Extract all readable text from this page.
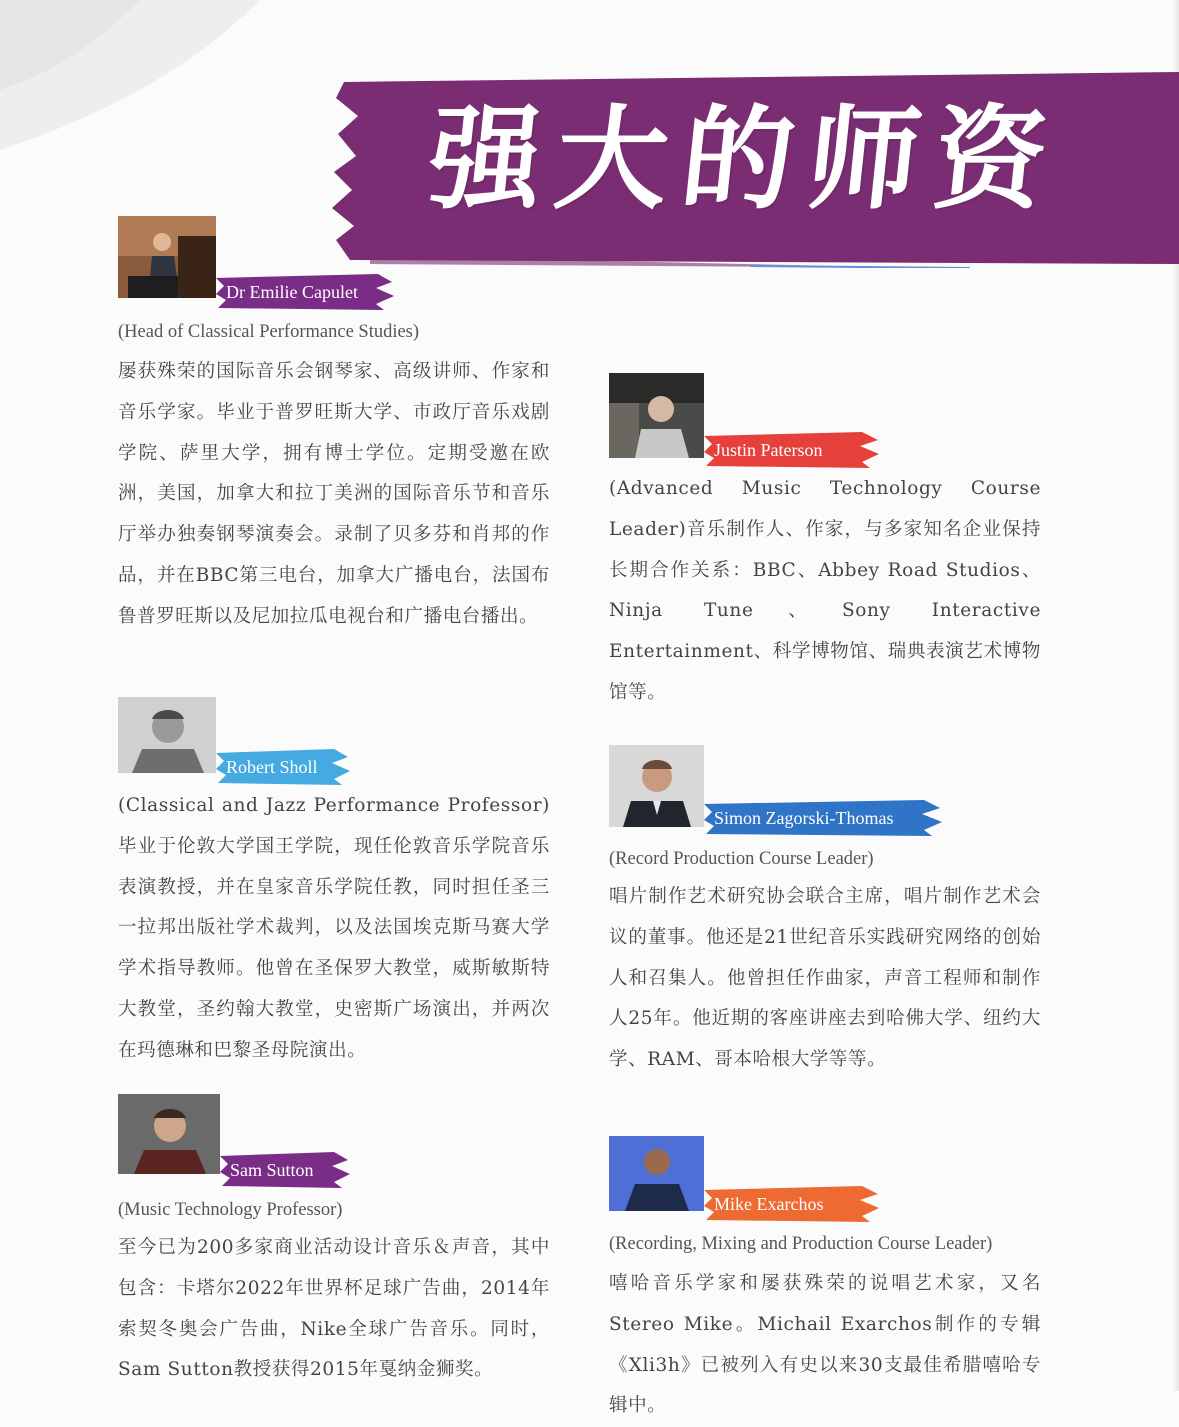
强大的师资
Dr Emilie Capulet
(Head of Classical Performance Studies)
屡获殊荣的国际音乐会钢琴家、高级讲师、作家和音乐学家。毕业于普罗旺斯大学、市政厅音乐戏剧学院、萨里大学，拥有博士学位。定期受邀在欧洲，美国，加拿大和拉丁美洲的国际音乐节和音乐厅举办独奏钢琴演奏会。录制了贝多芬和肖邦的作品，并在BBC第三电台，加拿大广播电台，法国布鲁普罗旺斯以及尼加拉瓜电视台和广播电台播出。
Justin Paterson
(Advanced Music Technology Course Leader)音乐制作人、作家，与多家知名企业保持长期合作关系：BBC、Abbey Road Studios、Ninja Tune、Sony Interactive Entertainment、科学博物馆、瑞典表演艺术博物馆等。
Robert Sholl
(Classical and Jazz Performance Professor)毕业于伦敦大学国王学院，现任伦敦音乐学院音乐表演教授，并在皇家音乐学院任教，同时担任圣三一拉邦出版社学术裁判，以及法国埃克斯马赛大学学术指导教师。他曾在圣保罗大教堂，威斯敏斯特大教堂，圣约翰大教堂，史密斯广场演出，并两次在玛德琳和巴黎圣母院演出。
Simon Zagorski-Thomas
(Record Production Course Leader)
唱片制作艺术研究协会联合主席，唱片制作艺术会议的董事。他还是21世纪音乐实践研究网络的创始人和召集人。他曾担任作曲家，声音工程师和制作人25年。他近期的客座讲座去到哈佛大学、纽约大学、RAM、哥本哈根大学等等。
Sam Sutton
(Music Technology Professor)
至今已为200多家商业活动设计音乐＆声音，其中包含：卡塔尔2022年世界杯足球广告曲，2014年索契冬奥会广告曲，Nike全球广告音乐。同时，Sam Sutton教授获得2015年戛纳金狮奖。
Mike Exarchos
(Recording, Mixing and Production Course Leader)
嘻哈音乐学家和屡获殊荣的说唱艺术家，又名Stereo Mike。Michail Exarchos制作的专辑《Xli3h》已被列入有史以来30支最佳希腊嘻哈专辑中。
